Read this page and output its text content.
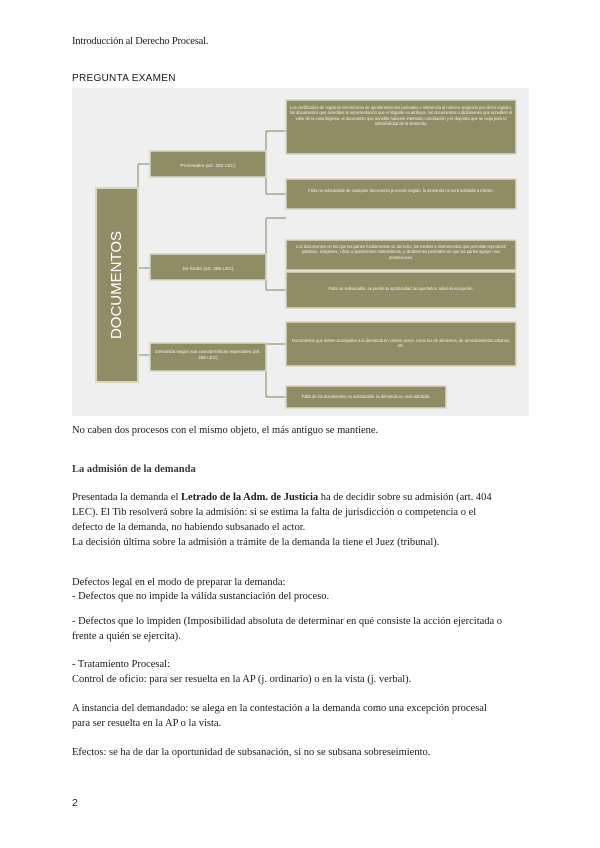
Introducción al Derecho Procesal.
PREGUNTA EXAMEN
DOCUMENTOS
Procesales (art. 264 LEC)
De fondo (art. 265 LEC)
Demanda según sus características especiales (art. 266 LEC)
Los certificados de registros electrónicos de apoderamientos judiciales o referencia al número asignado por dicho registro, los documentos que acrediten la representación que el litigante se atribuya, los documentos o dictámenes que acrediten el valor de la cosa litigiosa, el documento que acredite haberse intentado conciliación y el depósito que se exija para la admisibilidad de la demanda.
Falta no subsanable de cualquier documento procesal exigido, la demanda no será admitida a trámite.
Los documentos en los que las partes fundamentan su derecho, los medios e instrumentos que permitan reproducir palabras, imágenes, cifras u operaciones matemáticas, y dictámenes periciales en que las partes apoyen sus pretensiones.
Falta no subsanable, se pierde la oportunidad de aportarlos, salvo la excepción.
Documentos que deben acompañar a la demanda en ciertos casos, como los de alimentos, de arrendamientos urbanos, etc.
Falta de los documentos no subsanable: la demanda no será admitida.
No caben dos procesos con el mismo objeto, el más antiguo se mantiene.
La admisión de la demanda
Presentada la demanda el Letrado de la Adm. de Justicia ha de decidir sobre su admisión (art. 404
LEC). El Tib resolverá sobre la admisión: si se estima la falta de jurisdicción o competencia o el
defecto de la demanda, no habiendo subsanado el actor.
La decisión última sobre la admisión a trámite de la demanda la tiene el Juez (tribunal).
Defectos legal en el modo de preparar la demanda:
- Defectos que no impide la válida sustanciación del proceso.
- Defectos que lo impiden (Imposibilidad absoluta de determinar en qué consiste la acción ejercitada o
frente a quién se ejercita).
- Tratamiento Procesal:
Control de oficio: para ser resuelta en la AP (j. ordinario) o en la vista (j. verbal).
A instancia del demandado: se alega en la contestación a la demanda como una excepción procesal
para ser resuelta en la AP o la vista.
Efectos: se ha de dar la oportunidad de subsanación, si no se subsana sobreseimiento.
2
